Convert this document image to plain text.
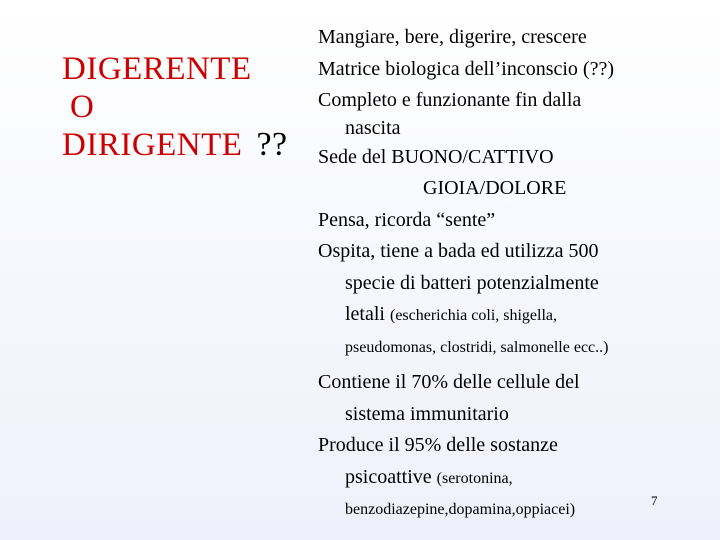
DIGERENTE
O
DIRIGENTE ??
Mangiare, bere, digerire, crescere
Matrice biologica dell’inconscio (??)
Completo e funzionante fin dalla
nascita
Sede del BUONO/CATTIVO
GIOIA/DOLORE
Pensa, ricorda “sente”
Ospita, tiene a bada ed utilizza 500
specie di batteri potenzialmente
letali (escherichia coli, shigella,
pseudomonas, clostridi, salmonelle ecc..)
Contiene il 70% delle cellule del
sistema immunitario
Produce il 95% delle sostanze
psicoattive (serotonina,
benzodiazepine,dopamina,oppiacei)
7
